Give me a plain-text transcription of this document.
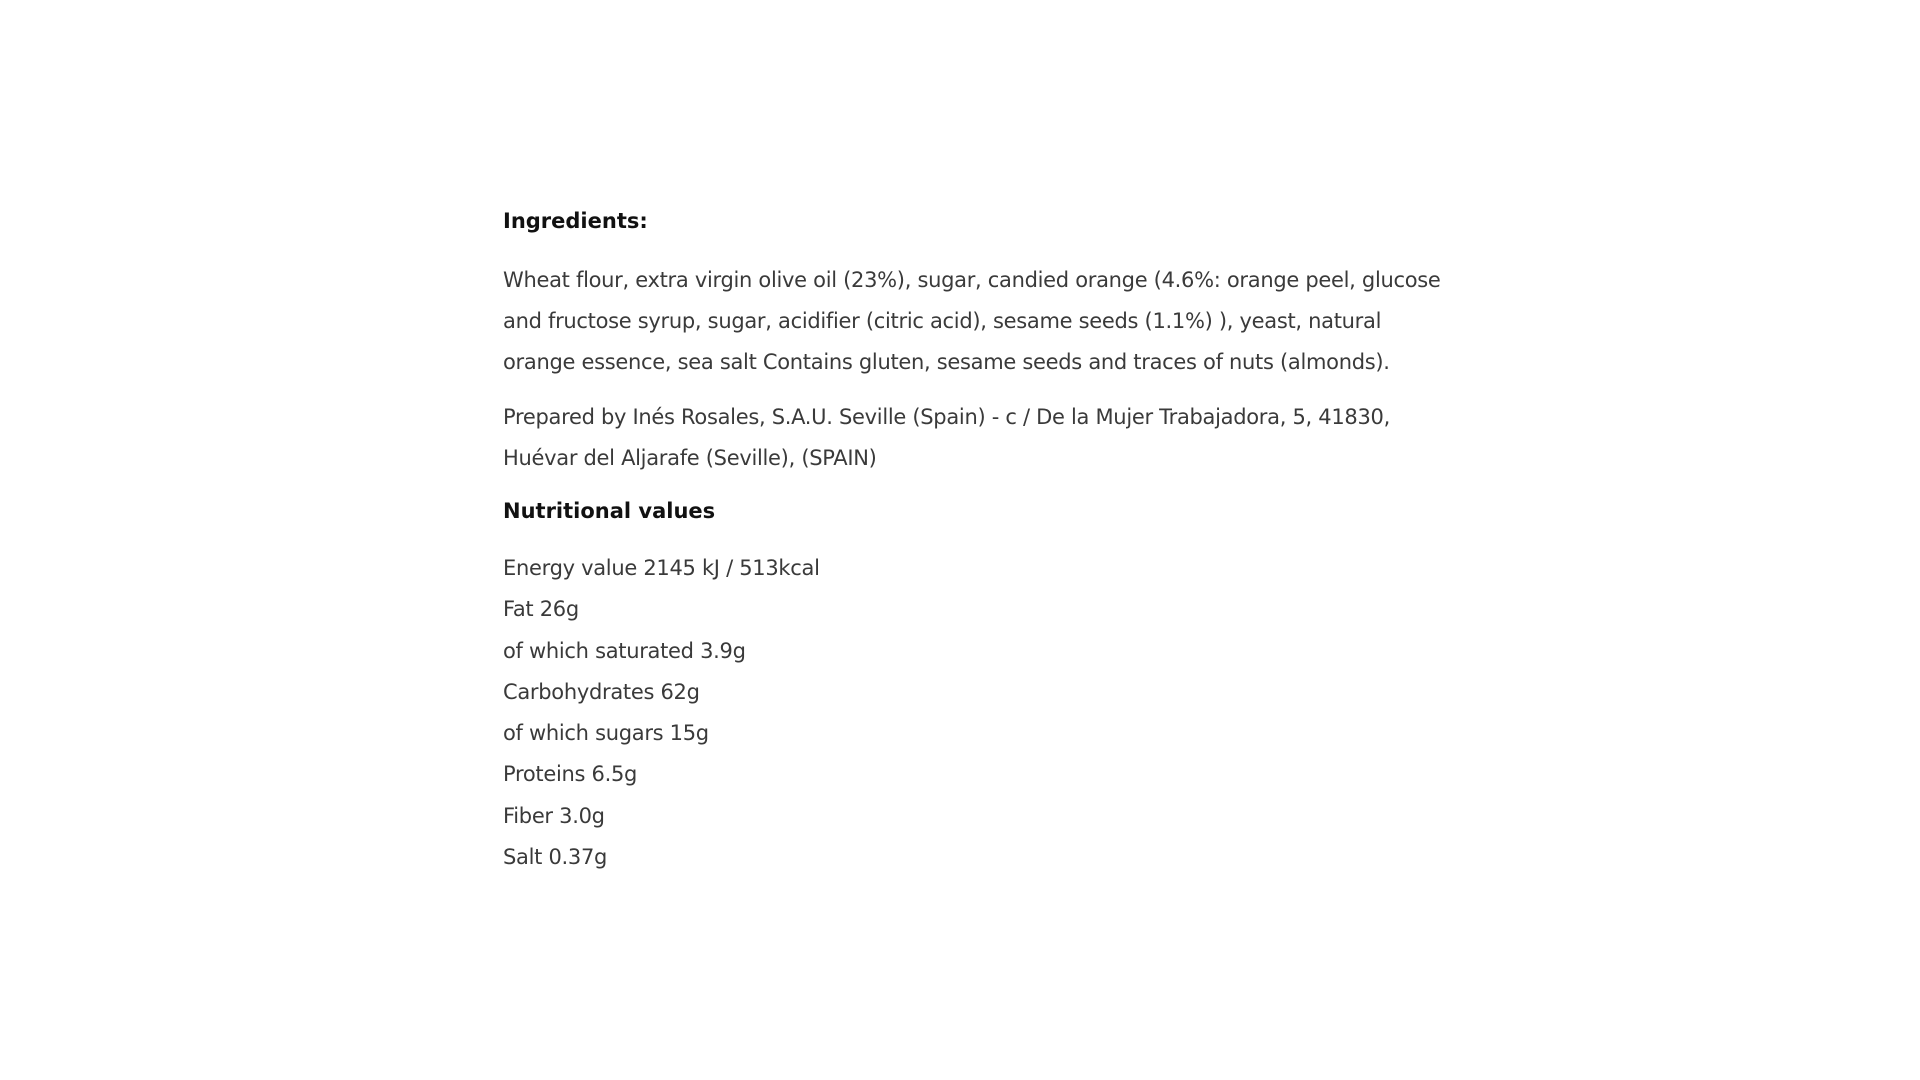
Ingredients:

Wheat flour, extra virgin olive oil (23%), sugar, candied orange (4.6%: orange peel, glucose and fructose syrup, sugar, acidifier (citric acid), sesame seeds (1.1%) ), yeast, natural orange essence, sea salt Contains gluten, sesame seeds and traces of nuts (almonds).

Prepared by Inés Rosales, S.A.U. Seville (Spain) - c / De la Mujer Trabajadora, 5, 41830, Huévar del Aljarafe (Seville), (SPAIN)

Nutritional values
Energy value 2145 kJ / 513kcal
Fat 26g
of which saturated 3.9g
Carbohydrates 62g
of which sugars 15g
Proteins 6.5g
Fiber 3.0g
Salt 0.37g
